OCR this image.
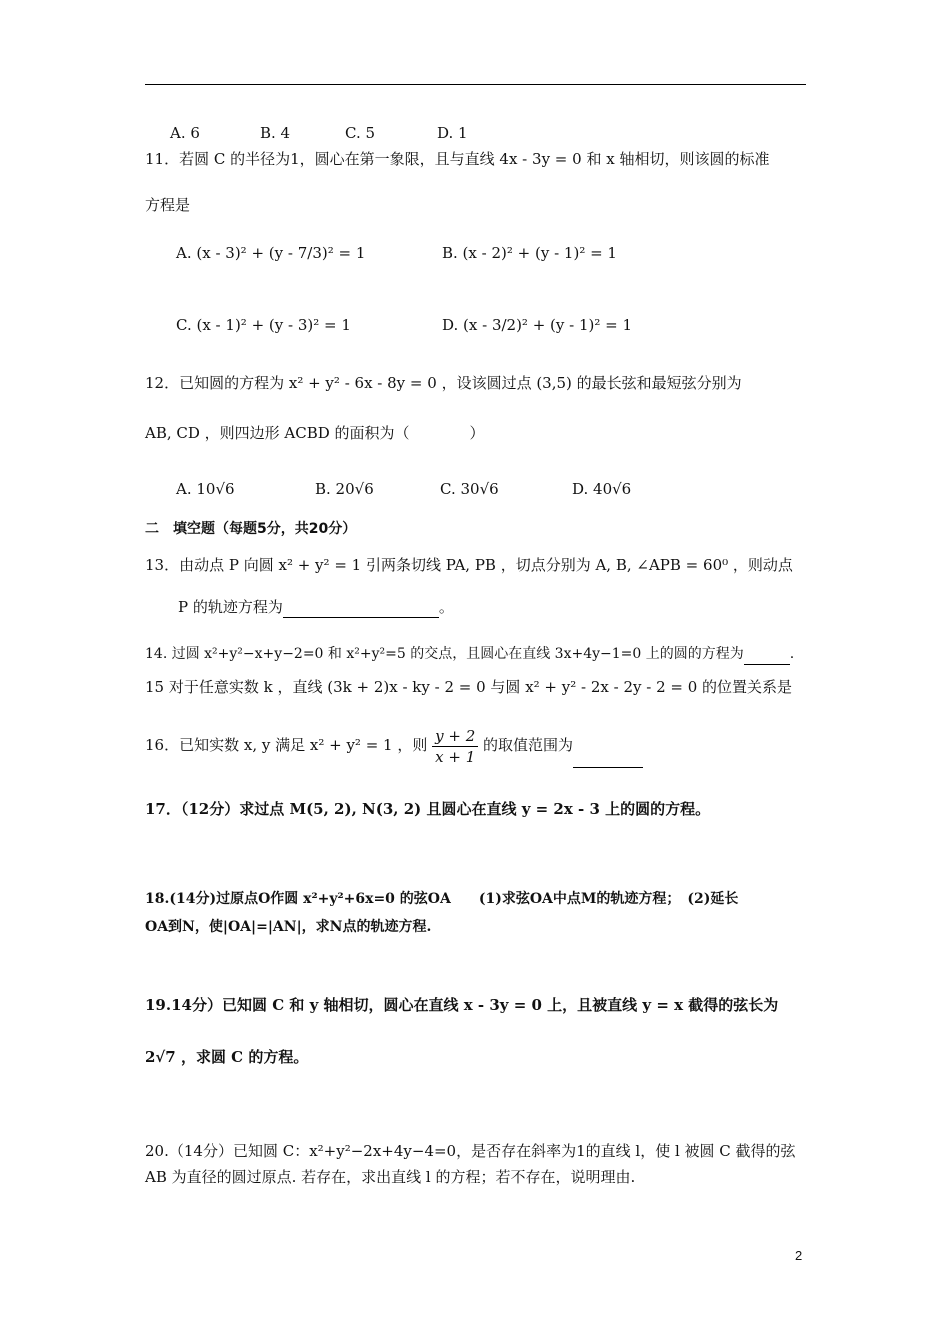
A. 6	B. 4	C. 5	D. 1
11．若圆 C 的半径为1，圆心在第一象限，且与直线 4x - 3y = 0 和 x 轴相切，则该圆的标准
方程是
A. (x - 3)² + (y - 7/3)² = 1	B. (x - 2)² + (y - 1)² = 1
C. (x - 1)² + (y - 3)² = 1	D. (x - 3/2)² + (y - 1)² = 1
12．已知圆的方程为 x² + y² - 6x - 8y = 0 ，设该圆过点 (3,5) 的最长弦和最短弦分别为
AB, CD ，则四边形 ACBD 的面积为（　　　　）
A. 10√6	B. 20√6	C. 30√6	D. 40√6
二　填空题（每题5分，共20分）
13．由动点 P 向圆 x² + y² = 1 引两条切线 PA, PB ，切点分别为 A, B, ∠APB = 60⁰ ，则动点
P 的轨迹方程为	。
14. 过圆 x²+y²−x+y−2=0 和 x²+y²=5 的交点，且圆心在直线 3x+4y−1=0 上的圆的方程为	.
15 对于任意实数 k ，直线 (3k + 2)x - ky - 2 = 0 与圆 x² + y² - 2x - 2y - 2 = 0 的位置关系是
16．已知实数 x, y 满足 x² + y² = 1 ，则 $\frac{y + 2}{x + 1}$ 的取值范围为
17．（12分）求过点 M(5, 2), N(3, 2) 且圆心在直线 y = 2x - 3 上的圆的方程。
18.(14分)过原点O作圆 x²+y²+6x=0 的弦OA　　(1)求弦OA中点M的轨迹方程；　(2)延长
OA到N，使|OA|=|AN|，求N点的轨迹方程.
19.14分）已知圆 C 和 y 轴相切，圆心在直线 x - 3y = 0 上，且被直线 y = x 截得的弦长为
2√7 ，求圆 C 的方程。
20.（14分）已知圆 C：x²+y²−2x+4y−4=0，是否存在斜率为1的直线 l，使 l 被圆 C 截得的弦
AB 为直径的圆过原点. 若存在，求出直线 l 的方程；若不存在，说明理由.
2
